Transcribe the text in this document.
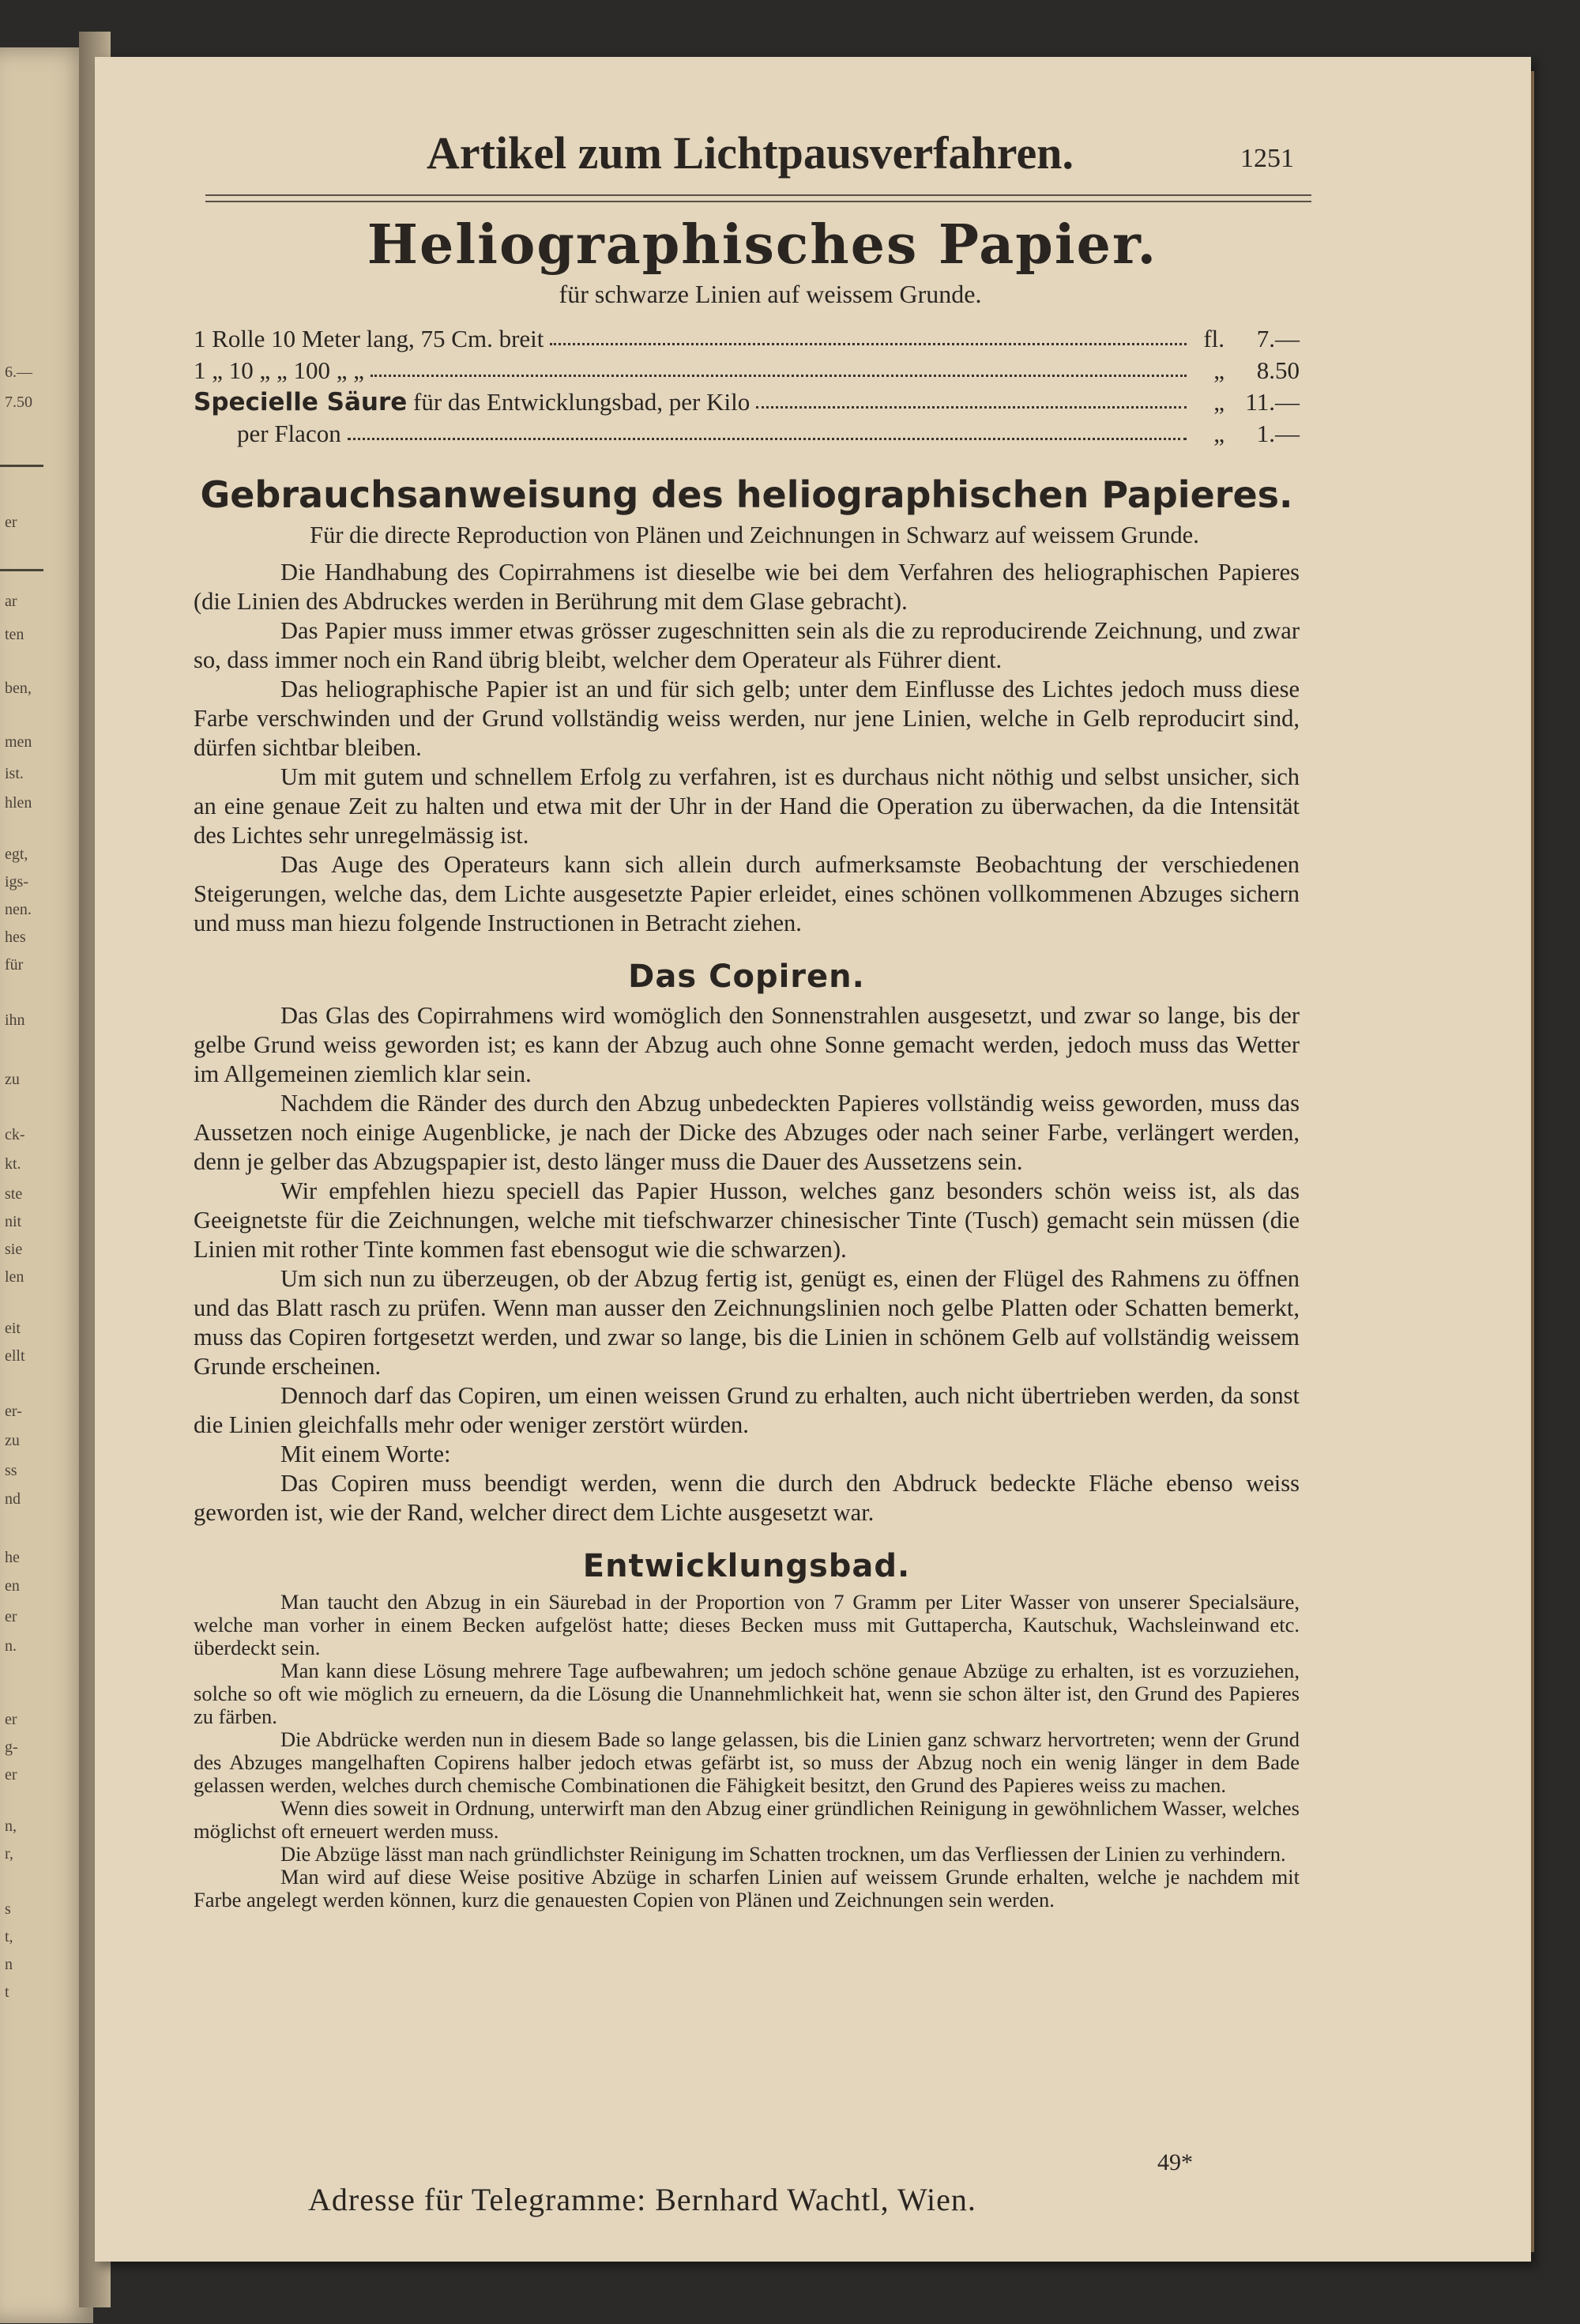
6.—
7.50
er
ar
ten
ben,
men
ist.
hlen
egt,
igs-
nen.
hes
für
ihn
zu
ck-
kt.
ste
nit
sie
len
eit
ellt
er-
zu
ss
nd
he
en
er
n.
er
g-
er
n,
r,
s
t,
n
t
Artikel zum Lichtpausverfahren.	1251
Heliographisches Papier.
für schwarze Linien auf weissem Grunde.
1 Rolle 10 Meter lang, 75 Cm. breit	fl.	7.—
1 „ 10 „ „ 100 „ „	„	8.50
Specielle Säure für das Entwicklungsbad, per Kilo	„ 11.—
per Flacon	„	1.—
Gebrauchsanweisung des heliographischen Papieres.

Für die directe Reproduction von Plänen und Zeichnungen in Schwarz auf weissem Grunde.

Die Handhabung des Copirrahmens ist dieselbe wie bei dem Verfahren des heliographischen Papieres (die Linien des Abdruckes werden in Berührung mit dem Glase gebracht).

Das Papier muss immer etwas grösser zugeschnitten sein als die zu reproducirende Zeichnung, und zwar so, dass immer noch ein Rand übrig bleibt, welcher dem Operateur als Führer dient.

Das heliographische Papier ist an und für sich gelb; unter dem Einflusse des Lichtes jedoch muss diese Farbe verschwinden und der Grund vollständig weiss werden, nur jene Linien, welche in Gelb reproducirt sind, dürfen sichtbar bleiben.

Um mit gutem und schnellem Erfolg zu verfahren, ist es durchaus nicht nöthig und selbst unsicher, sich an eine genaue Zeit zu halten und etwa mit der Uhr in der Hand die Operation zu überwachen, da die Intensität des Lichtes sehr unregelmässig ist.

Das Auge des Operateurs kann sich allein durch aufmerksamste Beobachtung der verschiedenen Steigerungen, welche das, dem Lichte ausgesetzte Papier erleidet, eines schönen vollkommenen Abzuges sichern und muss man hiezu folgende Instructionen in Betracht ziehen.

Das Copiren.

Das Glas des Copirrahmens wird womöglich den Sonnenstrahlen ausgesetzt, und zwar so lange, bis der gelbe Grund weiss geworden ist; es kann der Abzug auch ohne Sonne gemacht werden, jedoch muss das Wetter im Allgemeinen ziemlich klar sein.

Nachdem die Ränder des durch den Abzug unbedeckten Papieres vollständig weiss geworden, muss das Aussetzen noch einige Augenblicke, je nach der Dicke des Abzuges oder nach seiner Farbe, verlängert werden, denn je gelber das Abzugspapier ist, desto länger muss die Dauer des Aussetzens sein.

Wir empfehlen hiezu speciell das Papier Husson, welches ganz besonders schön weiss ist, als das Geeignetste für die Zeichnungen, welche mit tiefschwarzer chinesischer Tinte (Tusch) gemacht sein müssen (die Linien mit rother Tinte kommen fast ebensogut wie die schwarzen).

Um sich nun zu überzeugen, ob der Abzug fertig ist, genügt es, einen der Flügel des Rahmens zu öffnen und das Blatt rasch zu prüfen. Wenn man ausser den Zeichnungslinien noch gelbe Platten oder Schatten bemerkt, muss das Copiren fortgesetzt werden, und zwar so lange, bis die Linien in schönem Gelb auf vollständig weissem Grunde erscheinen.

Dennoch darf das Copiren, um einen weissen Grund zu erhalten, auch nicht übertrieben werden, da sonst die Linien gleichfalls mehr oder weniger zerstört würden.

Mit einem Worte:

Das Copiren muss beendigt werden, wenn die durch den Abdruck bedeckte Fläche ebenso weiss geworden ist, wie der Rand, welcher direct dem Lichte ausgesetzt war.

Entwicklungsbad.

Man taucht den Abzug in ein Säurebad in der Proportion von 7 Gramm per Liter Wasser von unserer Specialsäure, welche man vorher in einem Becken aufgelöst hatte; dieses Becken muss mit Guttapercha, Kautschuk, Wachsleinwand etc. überdeckt sein.

Man kann diese Lösung mehrere Tage aufbewahren; um jedoch schöne genaue Abzüge zu erhalten, ist es vorzuziehen, solche so oft wie möglich zu erneuern, da die Lösung die Unannehmlichkeit hat, wenn sie schon älter ist, den Grund des Papieres zu färben.

Die Abdrücke werden nun in diesem Bade so lange gelassen, bis die Linien ganz schwarz hervortreten; wenn der Grund des Abzuges mangelhaften Copirens halber jedoch etwas gefärbt ist, so muss der Abzug noch ein wenig länger in dem Bade gelassen werden, welches durch chemische Combinationen die Fähigkeit besitzt, den Grund des Papieres weiss zu machen.

Wenn dies soweit in Ordnung, unterwirft man den Abzug einer gründlichen Reinigung in gewöhnlichem Wasser, welches möglichst oft erneuert werden muss.

Die Abzüge lässt man nach gründlichster Reinigung im Schatten trocknen, um das Verfliessen der Linien zu verhindern.

Man wird auf diese Weise positive Abzüge in scharfen Linien auf weissem Grunde erhalten, welche je nachdem mit Farbe angelegt werden können, kurz die genauesten Copien von Plänen und Zeichnungen sein werden.

49*
Adresse für Telegramme: Bernhard Wachtl, Wien.
